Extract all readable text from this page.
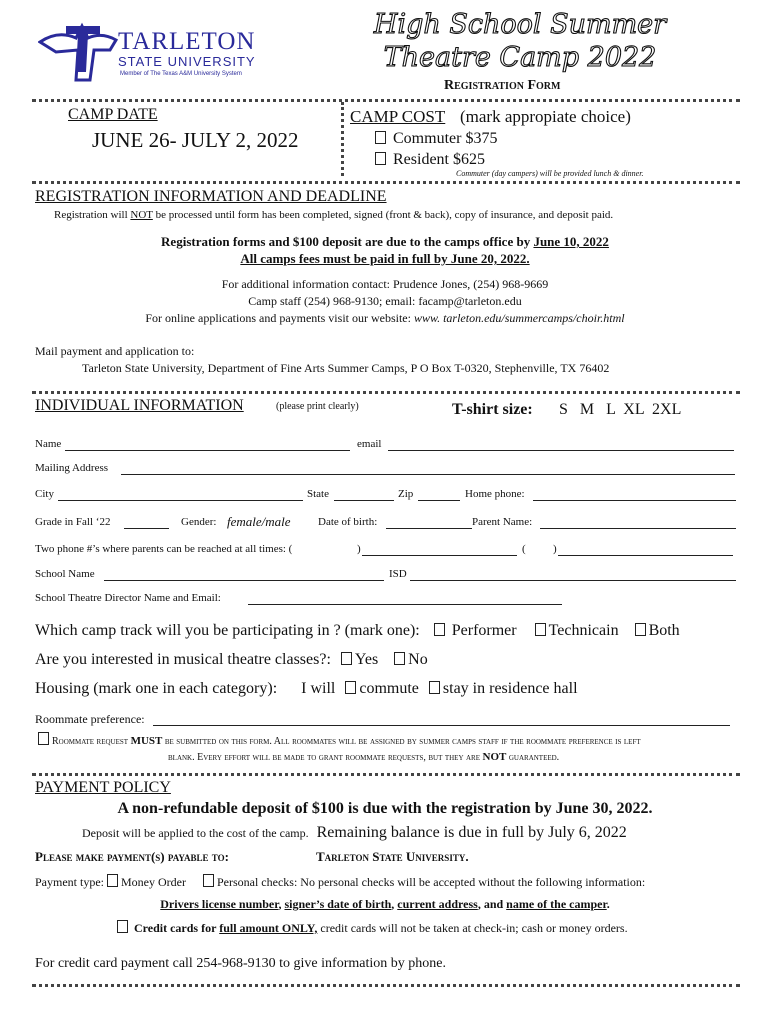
TARLETON
STATE UNIVERSITY
Member of The Texas A&M University System
High School Summer
Theatre Camp 2022
Registration Form
CAMP DATE
JUNE 26- JULY 2, 2022
CAMP COST (mark appropiate choice)
Commuter $375
Resident $625
Commuter (day campers) will be provided lunch & dinner.
REGISTRATION INFORMATION AND DEADLINE
Registration will NOT be processed until form has been completed, signed (front & back), copy of insurance, and deposit paid.
Registration forms and $100 deposit are due to the camps office by June 10, 2022
All camps fees must be paid in full by June 20, 2022.
For additional information contact: Prudence Jones, (254) 968-9669
Camp staff (254) 968-9130; email: facamp@tarleton.edu
For online applications and payments visit our website: www. tarleton.edu/summercamps/choir.html
Mail payment and application to:
Tarleton State University, Department of Fine Arts Summer Camps, P O Box T-0320, Stephenville, TX 76402
INDIVIDUAL INFORMATION	(please print clearly)	T-shirt size: S   M   L  XL  2XL
Name	email
Mailing Address
City	State	Zip	Home phone:
Grade in Fall ‘22	Gender: female/male Date of birth:	Parent Name:
Two phone #’s where parents can be reached at all times: (	)	( )
School Name	ISD
School Theatre Director Name and Email:
Which camp track will you be participating in ? (mark one): Performer Technicain Both
Are you interested in musical theatre classes?: Yes No
Housing (mark one in each category): I will commute stay in residence hall
Roommate preference:
Roommate request MUST be submitted on this form. All roommates will be assigned by summer camps staff if the roommate preference is left
blank. Every effort will be made to grant roommate requests, but they are NOT guaranteed.
PAYMENT POLICY
A non-refundable deposit of $100 is due with the registration by June 30, 2022.
Deposit will be applied to the cost of the camp. Remaining balance is due in full by July 6, 2022
Please make payment(s) payable to:	Tarleton State University.
Payment type: Money Order	Personal checks: No personal checks will be accepted without the following information:
Drivers license number, signer’s date of birth, current address, and name of the camper.
Credit cards for full amount ONLY, credit cards will not be taken at check-in; cash or money orders.
For credit card payment call 254-968-9130 to give information by phone.
